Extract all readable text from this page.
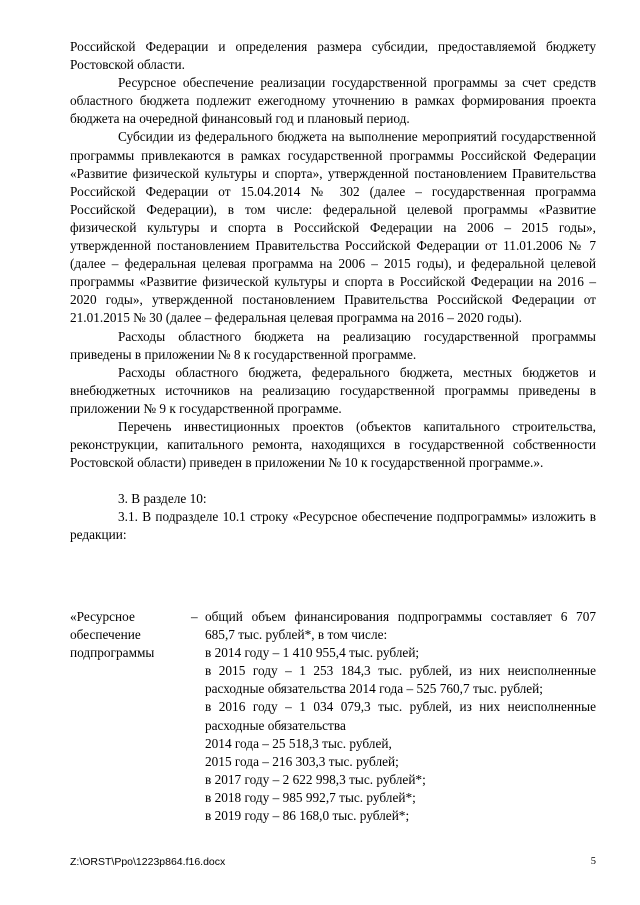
Российской Федерации и определения размера субсидии, предоставляемой бюджету Ростовской области.

Ресурсное обеспечение реализации государственной программы за счет средств областного бюджета подлежит ежегодному уточнению в рамках формирования проекта бюджета на очередной финансовый год и плановый период.

Субсидии из федерального бюджета на выполнение мероприятий государственной программы привлекаются в рамках государственной программы Российской Федерации «Развитие физической культуры и спорта», утвержденной постановлением Правительства Российской Федерации от 15.04.2014 № 302 (далее – государственная программа Российской Федерации), в том числе: федеральной целевой программы «Развитие физической культуры и спорта в Российской Федерации на 2006 – 2015 годы», утвержденной постановлением Правительства Российской Федерации от 11.01.2006 № 7 (далее – федеральная целевая программа на 2006 – 2015 годы), и федеральной целевой программы «Развитие физической культуры и спорта в Российской Федерации на 2016 – 2020 годы», утвержденной постановлением Правительства Российской Федерации от 21.01.2015 № 30 (далее – федеральная целевая программа на 2016 – 2020 годы).

Расходы областного бюджета на реализацию государственной программы приведены в приложении № 8 к государственной программе.

Расходы областного бюджета, федерального бюджета, местных бюджетов и внебюджетных источников на реализацию государственной программы приведены в приложении № 9 к государственной программе.

Перечень инвестиционных проектов (объектов капитального строительства, реконструкции, капитального ремонта, находящихся в государственной собственности Ростовской области) приведен в приложении № 10 к государственной программе.».

3. В разделе 10:

3.1. В подразделе 10.1 строку «Ресурсное обеспечение подпрограммы» изложить в редакции:

«Ресурсное
обеспечение
подпрограммы
– общий объем финансирования подпрограммы составляет 6 707 685,7 тыс. рублей*, в том числе:

в 2014 году – 1 410 955,4 тыс. рублей;

в 2015 году – 1 253 184,3 тыс. рублей, из них неисполненные расходные обязательства 2014 года – 525 760,7 тыс. рублей;

в 2016 году – 1 034 079,3 тыс. рублей, из них неисполненные расходные обязательства

2014 года – 25 518,3 тыс. рублей,

2015 года – 216 303,3 тыс. рублей;

в 2017 году – 2 622 998,3 тыс. рублей*;

в 2018 году – 985 992,7 тыс. рублей*;

в 2019 году – 86 168,0 тыс. рублей*;

Z:\ORST\Ppo\1223p864.f16.docx	5
